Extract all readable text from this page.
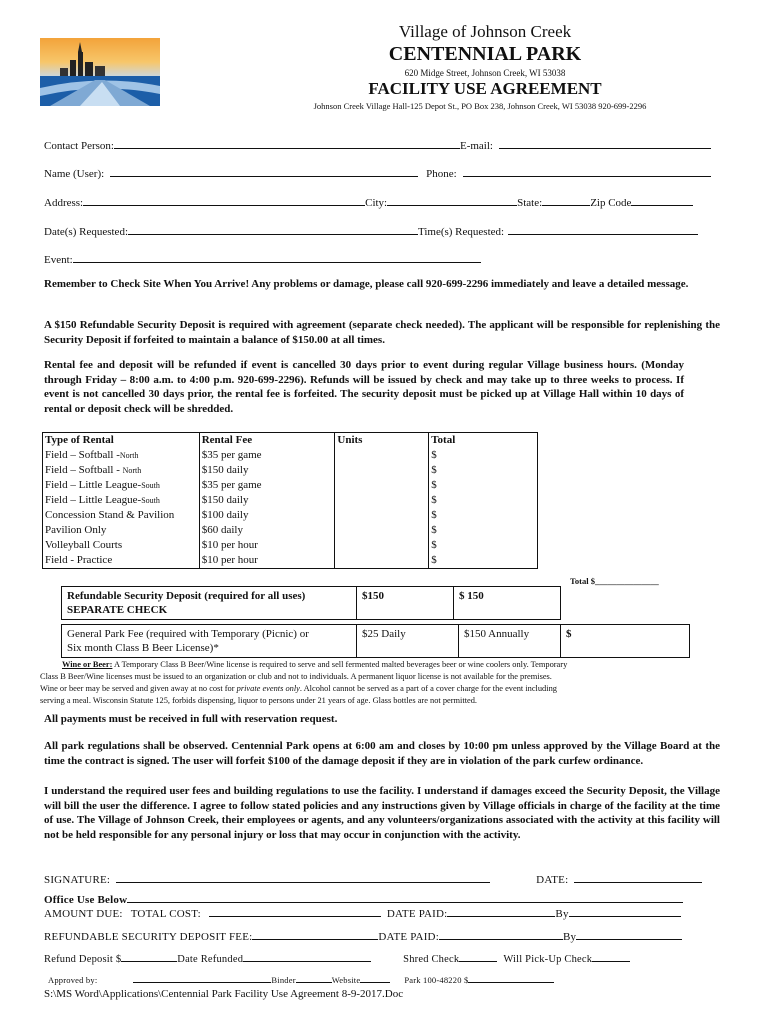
Village of Johnson Creek
CENTENNIAL PARK
620 Midge Street, Johnson Creek, WI 53038
FACILITY USE AGREEMENT
Johnson Creek Village Hall-125 Depot St., PO Box 238, Johnson Creek, WI 53038 920-699-2296
Contact Person:	E-mail:
Name (User):	Phone:
Address:	City:	State:	Zip Code
Date(s) Requested:	Time(s) Requested:
Event:
Remember to Check Site When You Arrive! Any problems or damage, please call 920-699-2296 immediately and leave a detailed message.
A $150 Refundable Security Deposit is required with agreement (separate check needed). The applicant will be responsible for replenishing the Security Deposit if forfeited to maintain a balance of $150.00 at all times.
Rental fee and deposit will be refunded if event is cancelled 30 days prior to event during regular Village business hours. (Monday through Friday – 8:00 a.m. to 4:00 p.m. 920-699-2296). Refunds will be issued by check and may take up to three weeks to process. If event is not cancelled 30 days prior, the rental fee is forfeited. The security deposit must be picked up at Village Hall within 10 days of rental or deposit check will be shredded.
Type of Rental	Rental Fee	Units	Total
Field – Softball -North	$35 per game		$
Field – Softball - North	$150 daily		$
Field – Little League-South	$35 per game		$
Field – Little League-South	$150 daily		$
Concession Stand & Pavilion	$100 daily		$
Pavilion Only	$60 daily		$
Volleyball Courts	$10 per hour		$
Field - Practice	$10 per hour		$
Total $_______________
Refundable Security Deposit (required for all uses)
SEPARATE CHECK
$150	$ 150
General Park Fee (required with Temporary (Picnic) or
Six month Class B Beer License)*
$25 Daily	$150 Annually	$
Wine or Beer: A Temporary Class B Beer/Wine license is required to serve and sell fermented malted beverages beer or wine coolers only. Temporary
Class B Beer/Wine licenses must be issued to an organization or club and not to individuals. A permanent liquor license is not available for the premises.
Wine or beer may be served and given away at no cost for private events only. Alcohol cannot be served as a part of a cover charge for the event including
serving a meal. Wisconsin Statute 125, forbids dispensing, liquor to persons under 21 years of age. Glass bottles are not permitted.
All payments must be received in full with reservation request.
All park regulations shall be observed. Centennial Park opens at 6:00 am and closes by 10:00 pm unless approved by the Village Board at the time the contract is signed. The user will forfeit $100 of the damage deposit if they are in violation of the park curfew ordinance.
I understand the required user fees and building regulations to use the facility. I understand if damages exceed the Security Deposit, the Village will bill the user the difference. I agree to follow stated policies and any instructions given by Village officials in charge of the facility at the time of use. The Village of Johnson Creek, their employees or agents, and any volunteers/organizations associated with the activity at this facility will not be held responsible for any personal injury or loss that may occur in conjunction with the activity.
SIGNATURE:	DATE:
Office Use Below
AMOUNT DUE: TOTAL COST:	DATE PAID:	By
REFUNDABLE SECURITY DEPOSIT FEE:	DATE PAID:	By
Refund Deposit $	Date Refunded	Shred Check	Will Pick-Up Check
Approved by:	Binder	Website	Park 100-48220 $
S:\MS Word\Applications\Centennial Park Facility Use Agreement 8-9-2017.Doc
